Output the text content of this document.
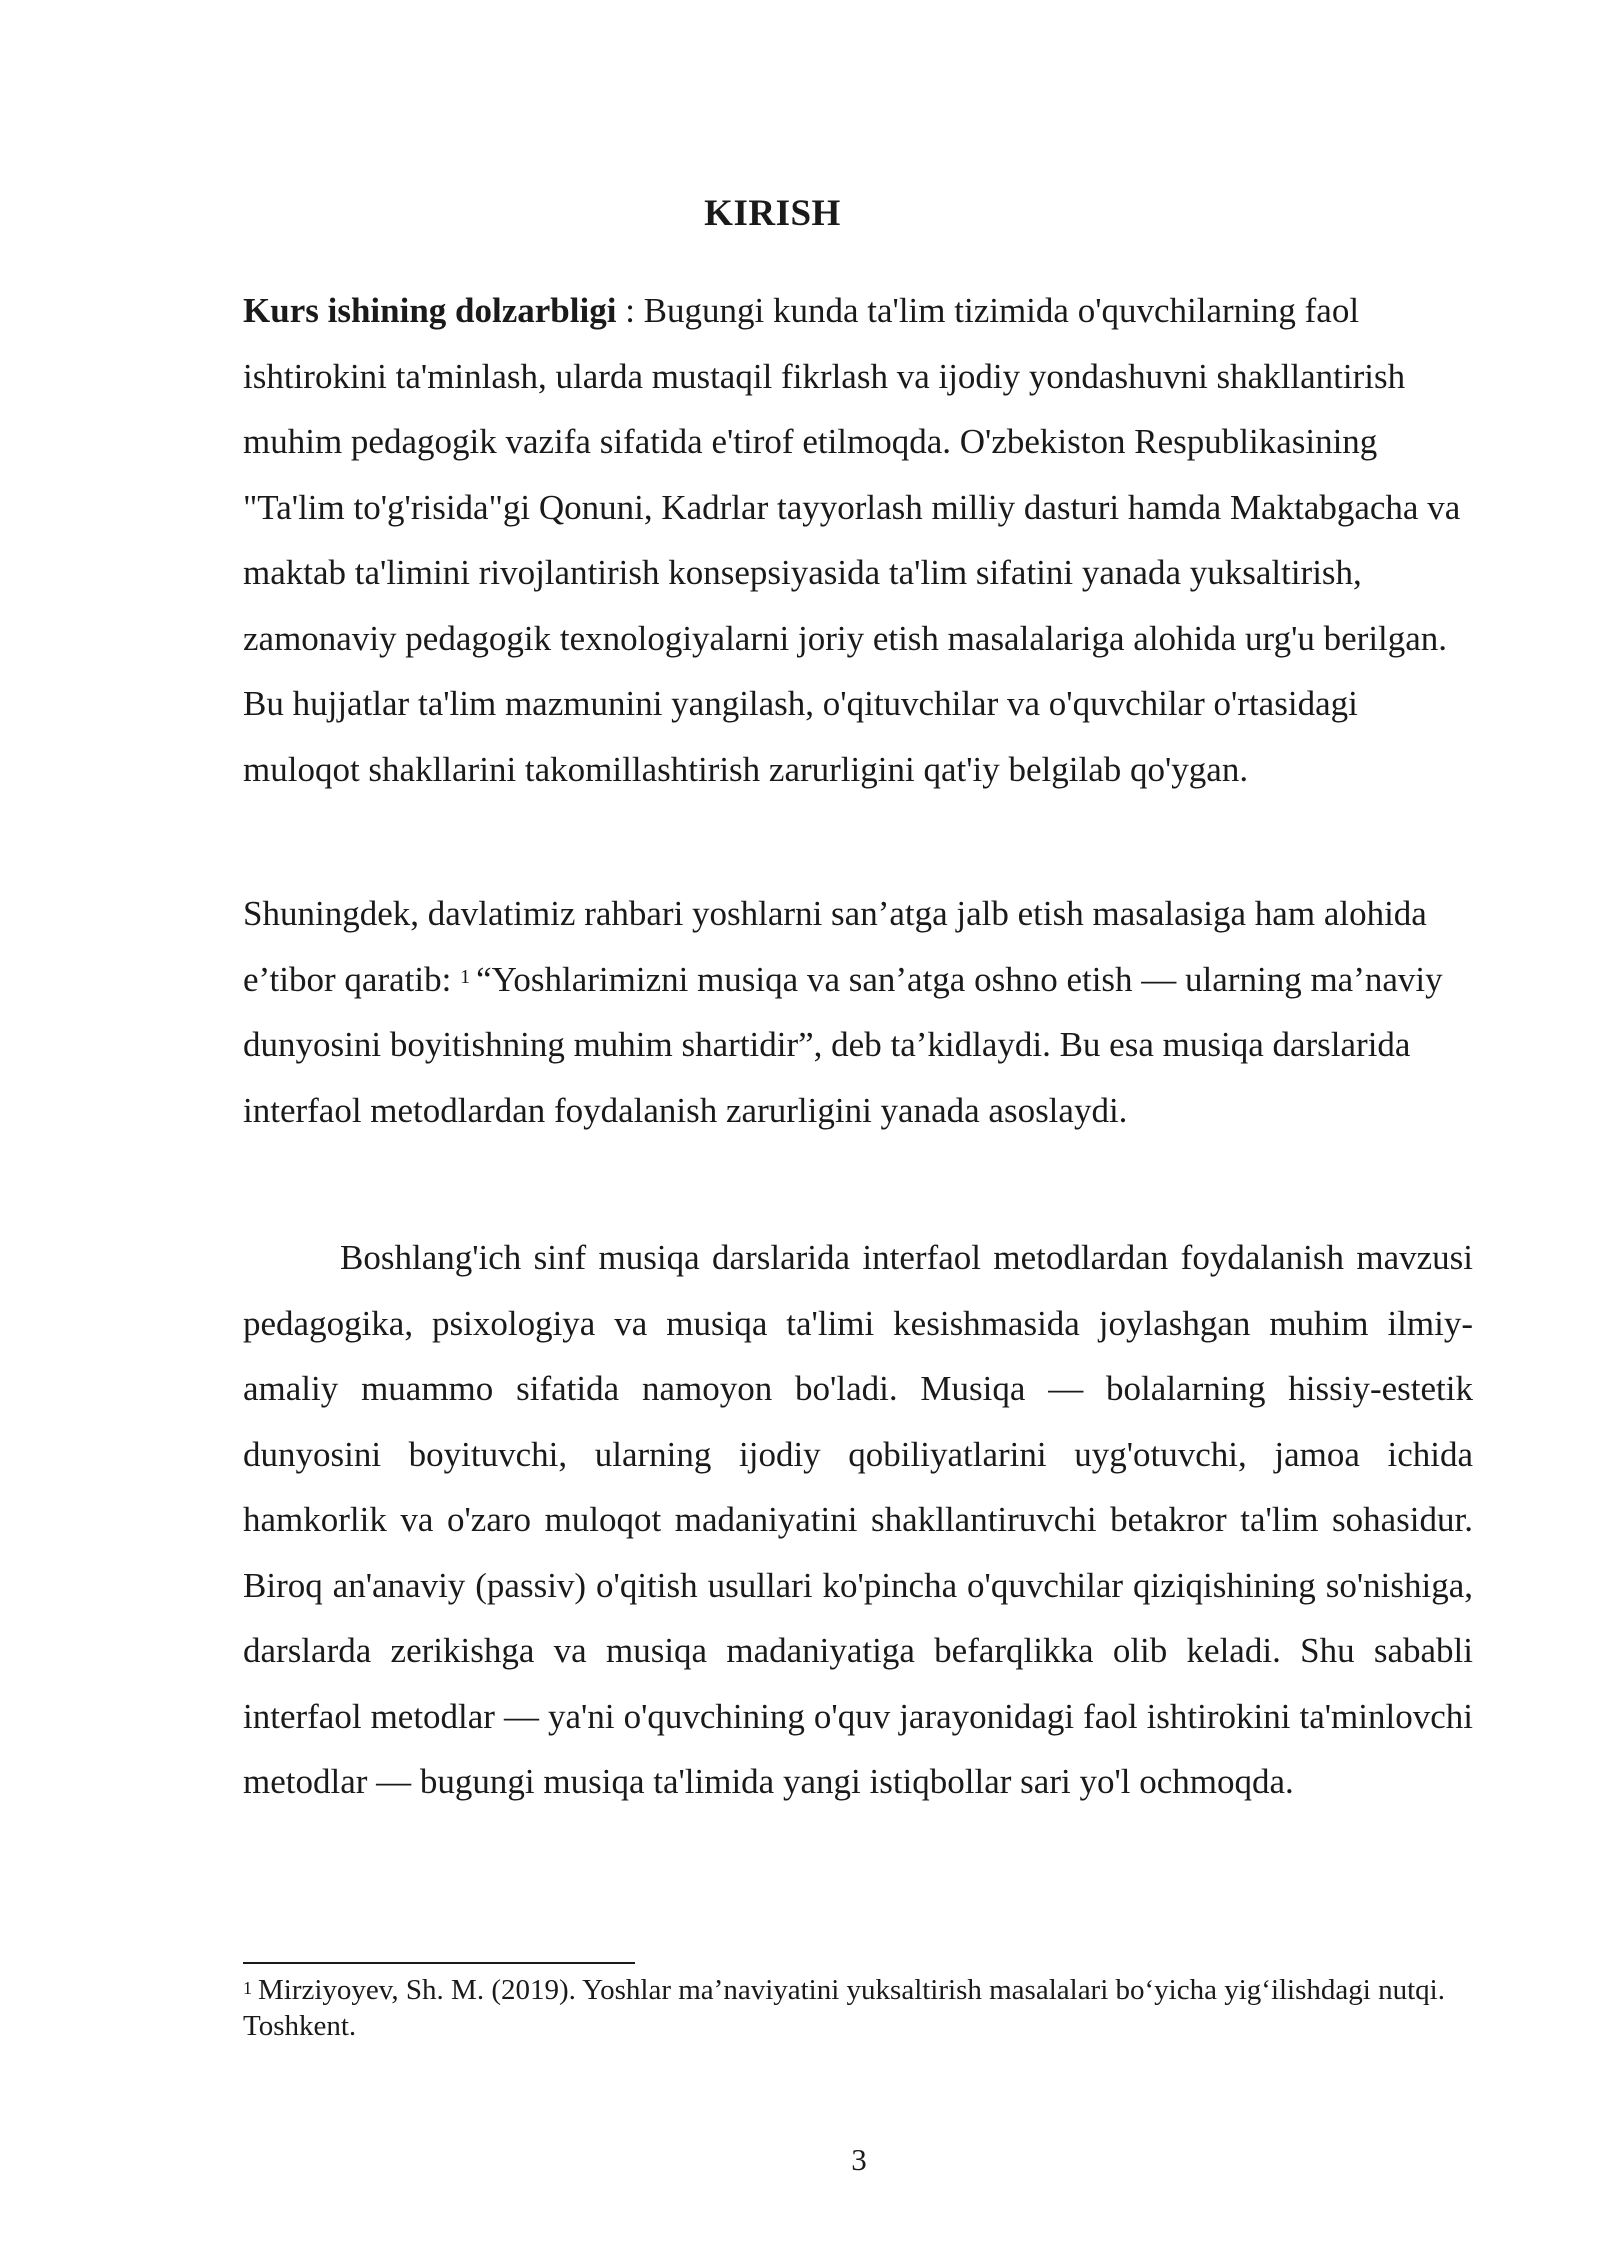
KIRISH

Kurs ishining dolzarbligi : Bugungi kunda ta'lim tizimida o'quvchilarning faol ishtirokini ta'minlash, ularda mustaqil fikrlash va ijodiy yondashuvni shakllantirish muhim pedagogik vazifa sifatida e'tirof etilmoqda. O'zbekiston Respublikasining "Ta'lim to'g'risida"gi Qonuni, Kadrlar tayyorlash milliy dasturi hamda Maktabgacha va maktab ta'limini rivojlantirish konsepsiyasida ta'lim sifatini yanada yuksaltirish, zamonaviy pedagogik texnologiyalarni joriy etish masalalariga alohida urg'u berilgan. Bu hujjatlar ta'lim mazmunini yangilash, o'qituvchilar va o'quvchilar o'rtasidagi muloqot shakllarini takomillashtirish zarurligini qat'iy belgilab qo'ygan.

Shuningdek, davlatimiz rahbari yoshlarni san’atga jalb etish masalasiga ham alohida e’tibor qaratib: $^1$ “Yoshlarimizni musiqa va san’atga oshno etish — ularning ma’naviy dunyosini boyitishning muhim shartidir”, deb ta’kidlaydi. Bu esa musiqa darslarida interfaol metodlardan foydalanish zarurligini yanada asoslaydi.

Boshlang'ich sinf musiqa darslarida interfaol metodlardan foydalanish mavzusi pedagogika, psixologiya va musiqa ta'limi kesishmasida joylashgan muhim ilmiy-amaliy muammo sifatida namoyon bo'ladi. Musiqa — bolalarning hissiy-estetik dunyosini boyituvchi, ularning ijodiy qobiliyatlarini uyg'otuvchi, jamoa ichida hamkorlik va o'zaro muloqot madaniyatini shakllantiruvchi betakror ta'lim sohasidur. Biroq an'anaviy (passiv) o'qitish usullari ko'pincha o'quvchilar qiziqishining so'nishiga, darslarda zerikishga va musiqa madaniyatiga befarqlikka olib keladi. Shu sababli interfaol metodlar — ya'ni o'quvchining o'quv jarayonidagi faol ishtirokini ta'minlovchi metodlar — bugungi musiqa ta'limida yangi istiqbollar sari yo'l ochmoqda.

$^1$ Mirziyoyev, Sh. M. (2019). Yoshlar ma’naviyatini yuksaltirish masalalari bo‘yicha yig‘ilishdagi nutqi. Toshkent.

3
